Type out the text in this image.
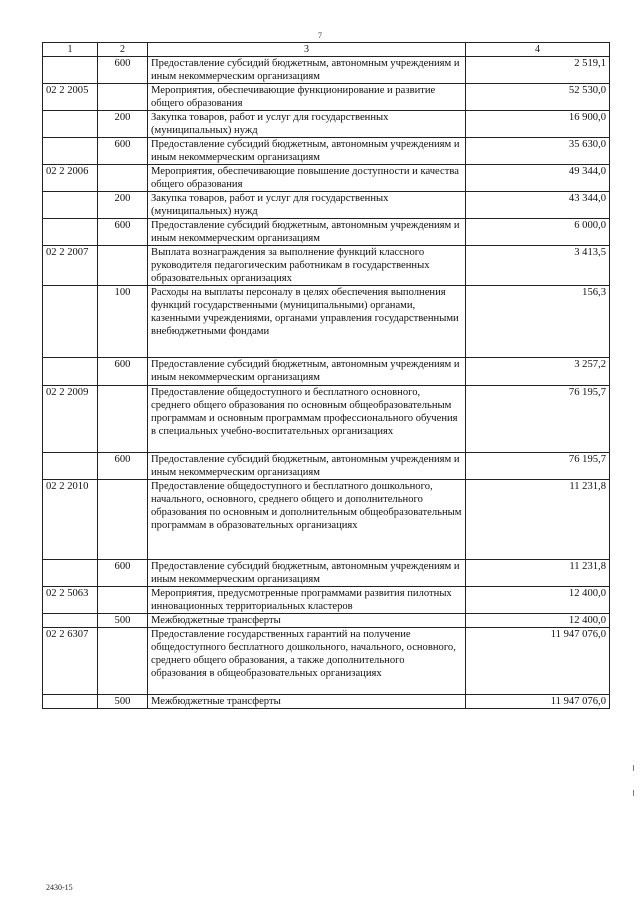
7
1	2	3	4
	600	Предоставление субсидий бюджетным, автономным учреждениям и иным некоммерческим организациям	2 519,1
02 2 2005		Мероприятия, обеспечивающие функционирование и развитие общего образования	52 530,0
	200	Закупка товаров, работ и услуг для государственных (муниципальных) нужд	16 900,0
	600	Предоставление субсидий бюджетным, автономным учреждениям и иным некоммерческим организациям	35 630,0
02 2 2006		Мероприятия, обеспечивающие повышение доступности и качества общего образования	49 344,0
	200	Закупка товаров, работ и услуг для государственных (муниципальных) нужд	43 344,0
	600	Предоставление субсидий бюджетным, автономным учреждениям и иным некоммерческим организациям	6 000,0
02 2 2007		Выплата вознаграждения за выполнение функций классного руководителя педагогическим работникам в государственных образовательных организациях	3 413,5
	100	Расходы на выплаты персоналу в целях обеспечения выполнения функций государственными (муниципальными) органами, казенными учреждениями, органами управления государственными внебюджетными фондами	156,3
	600	Предоставление субсидий бюджетным, автономным учреждениям и иным некоммерческим организациям	3 257,2
02 2 2009		Предоставление общедоступного и бесплатного основного, среднего общего образования по основным общеобразовательным программам и основным программам профессионального обучения в специальных учебно-воспитательных организациях	76 195,7
	600	Предоставление субсидий бюджетным, автономным учреждениям и иным некоммерческим организациям	76 195,7
02 2 2010		Предоставление общедоступного и бесплатного дошкольного, начального, основного, среднего общего и дополнительного образования по основным и дополнительным общеобразовательным программам в образовательных организациях	11 231,8
	600	Предоставление субсидий бюджетным, автономным учреждениям и иным некоммерческим организациям	11 231,8
02 2 5063		Мероприятия, предусмотренные программами развития пилотных инновационных территориальных кластеров	12 400,0
	500	Межбюджетные трансферты	12 400,0
02 2 6307		Предоставление государственных гарантий на получение общедоступного бесплатного дошкольного, начального, основного, среднего общего образования, а также дополнительного образования в общеобразовательных организациях	11 947 076,0
	500	Межбюджетные трансферты	11 947 076,0
2430-15
